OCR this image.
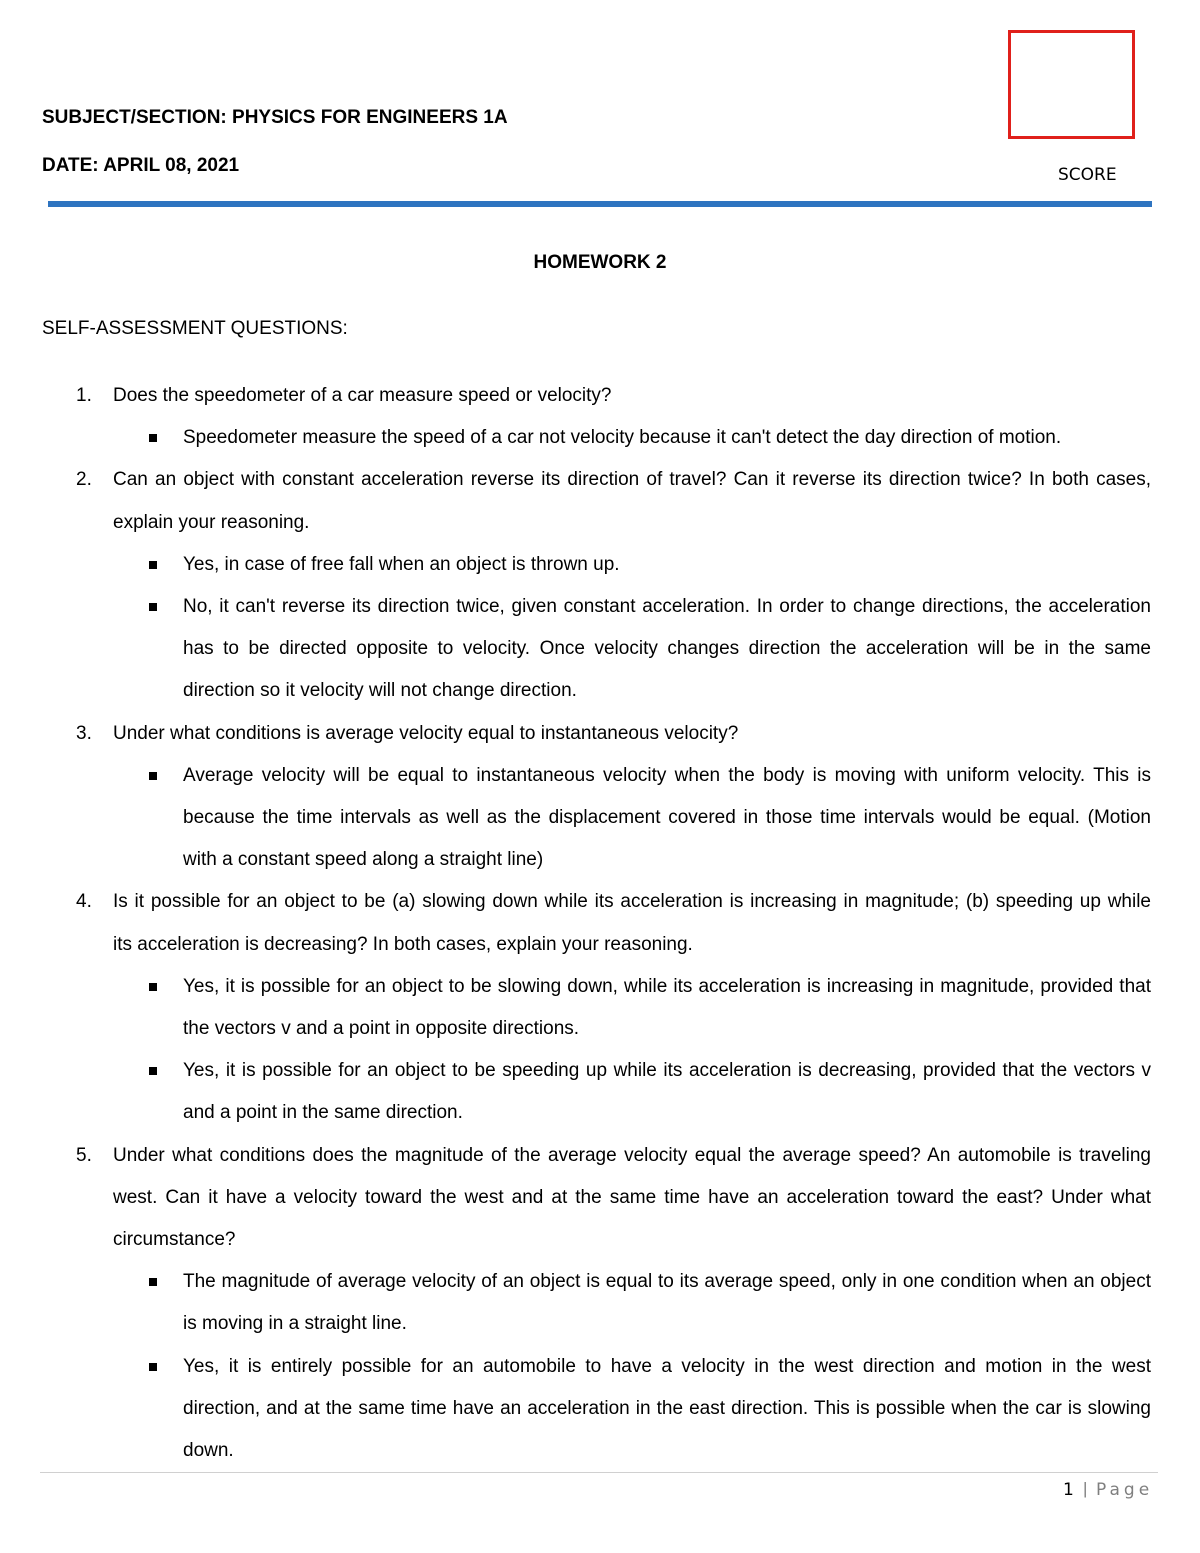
SUBJECT/SECTION: PHYSICS FOR ENGINEERS 1A
DATE: APRIL 08, 2021	SCORE
HOMEWORK 2
SELF-ASSESSMENT QUESTIONS:
1. Does the speedometer of a car measure speed or velocity?
Speedometer measure the speed of a car not velocity because it can't detect the day direction of motion.
2. Can an object with constant acceleration reverse its direction of travel? Can it reverse its direction twice? In both cases,
explain your reasoning.
Yes, in case of free fall when an object is thrown up.
No, it can't reverse its direction twice, given constant acceleration. In order to change directions, the acceleration
has to be directed opposite to velocity. Once velocity changes direction the acceleration will be in the same
direction so it velocity will not change direction.
3. Under what conditions is average velocity equal to instantaneous velocity?
Average velocity will be equal to instantaneous velocity when the body is moving with uniform velocity. This is
because the time intervals as well as the displacement covered in those time intervals would be equal. (Motion
with a constant speed along a straight line)
4. Is it possible for an object to be (a) slowing down while its acceleration is increasing in magnitude; (b) speeding up while
its acceleration is decreasing? In both cases, explain your reasoning.
Yes, it is possible for an object to be slowing down, while its acceleration is increasing in magnitude, provided that
the vectors v and a point in opposite directions.
Yes, it is possible for an object to be speeding up while its acceleration is decreasing, provided that the vectors v
and a point in the same direction.
5. Under what conditions does the magnitude of the average velocity equal the average speed? An automobile is traveling
west. Can it have a velocity toward the west and at the same time have an acceleration toward the east? Under what
circumstance?
The magnitude of average velocity of an object is equal to its average speed, only in one condition when an object
is moving in a straight line.
Yes, it is entirely possible for an automobile to have a velocity in the west direction and motion in the west
direction, and at the same time have an acceleration in the east direction. This is possible when the car is slowing
down.
1 | Page
